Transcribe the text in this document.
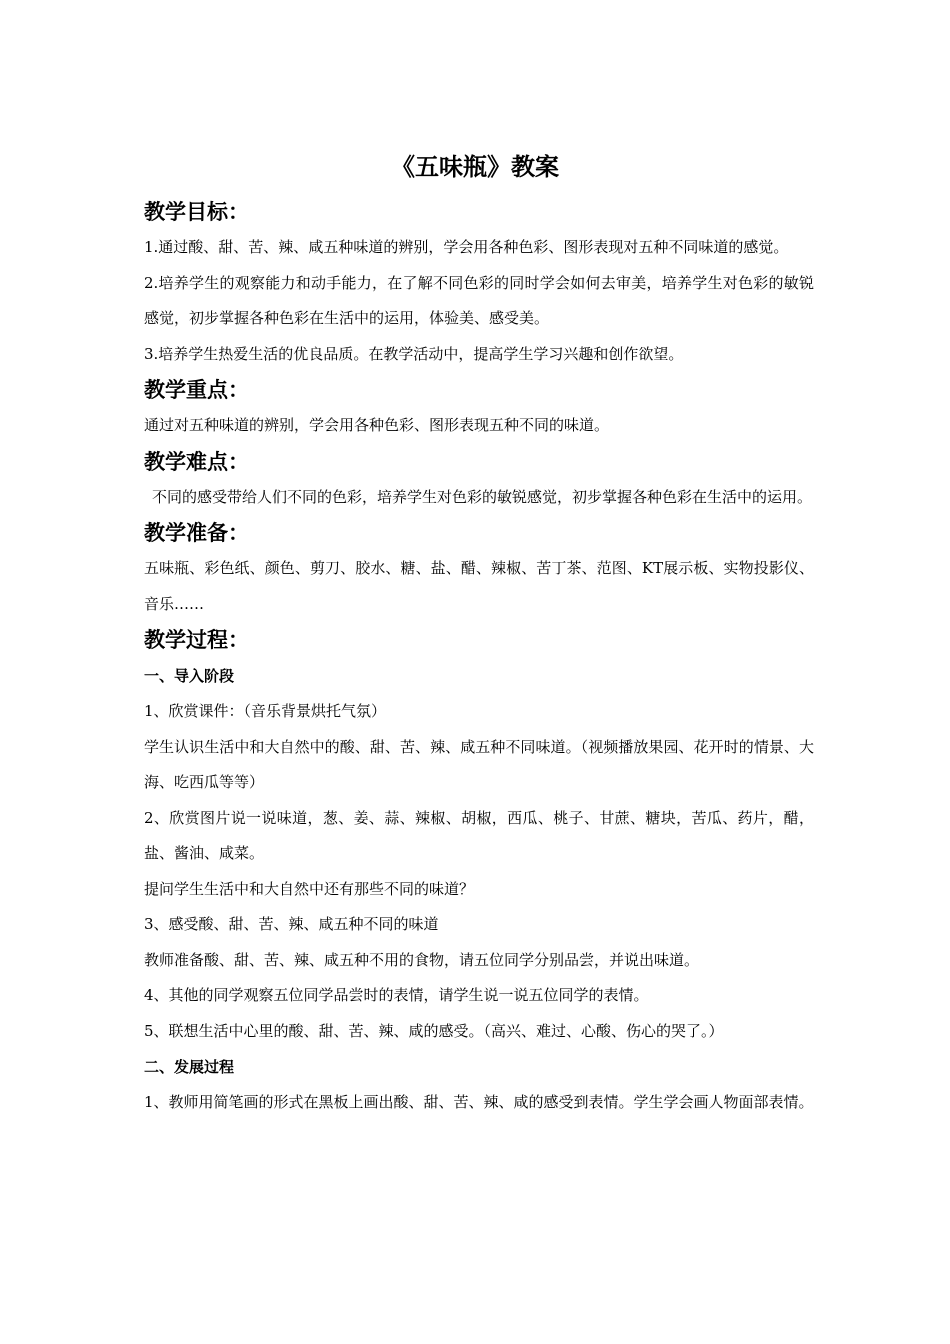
《五味瓶》教案
教学目标：

1.通过酸、甜、苦、辣、咸五种味道的辨别，学会用各种色彩、图形表现对五种不同味道的感觉。

2.培养学生的观察能力和动手能力，在了解不同色彩的同时学会如何去审美，培养学生对色彩的敏锐感觉，初步掌握各种色彩在生活中的运用，体验美、感受美。

3.培养学生热爱生活的优良品质。在教学活动中，提高学生学习兴趣和创作欲望。

教学重点：

通过对五种味道的辨别，学会用各种色彩、图形表现五种不同的味道。

教学难点：

不同的感受带给人们不同的色彩，培养学生对色彩的敏锐感觉，初步掌握各种色彩在生活中的运用。

教学准备：

五味瓶、彩色纸、颜色、剪刀、胶水、糖、盐、醋、辣椒、苦丁茶、范图、KT展示板、实物投影仪、音乐……

教学过程：
一、导入阶段

1、欣赏课件：（音乐背景烘托气氛）

学生认识生活中和大自然中的酸、甜、苦、辣、咸五种不同味道。（视频播放果园、花开时的情景、大海、吃西瓜等等）

2、欣赏图片说一说味道，葱、姜、蒜、辣椒、胡椒，西瓜、桃子、甘蔗、糖块，苦瓜、药片，醋，盐、酱油、咸菜。

提问学生生活中和大自然中还有那些不同的味道？

3、感受酸、甜、苦、辣、咸五种不同的味道

教师准备酸、甜、苦、辣、咸五种不用的食物，请五位同学分别品尝，并说出味道。

4、其他的同学观察五位同学品尝时的表情，请学生说一说五位同学的表情。

5、联想生活中心里的酸、甜、苦、辣、咸的感受。（高兴、难过、心酸、伤心的哭了。）

二、发展过程

1、教师用简笔画的形式在黑板上画出酸、甜、苦、辣、咸的感受到表情。学生学会画人物面部表情。
